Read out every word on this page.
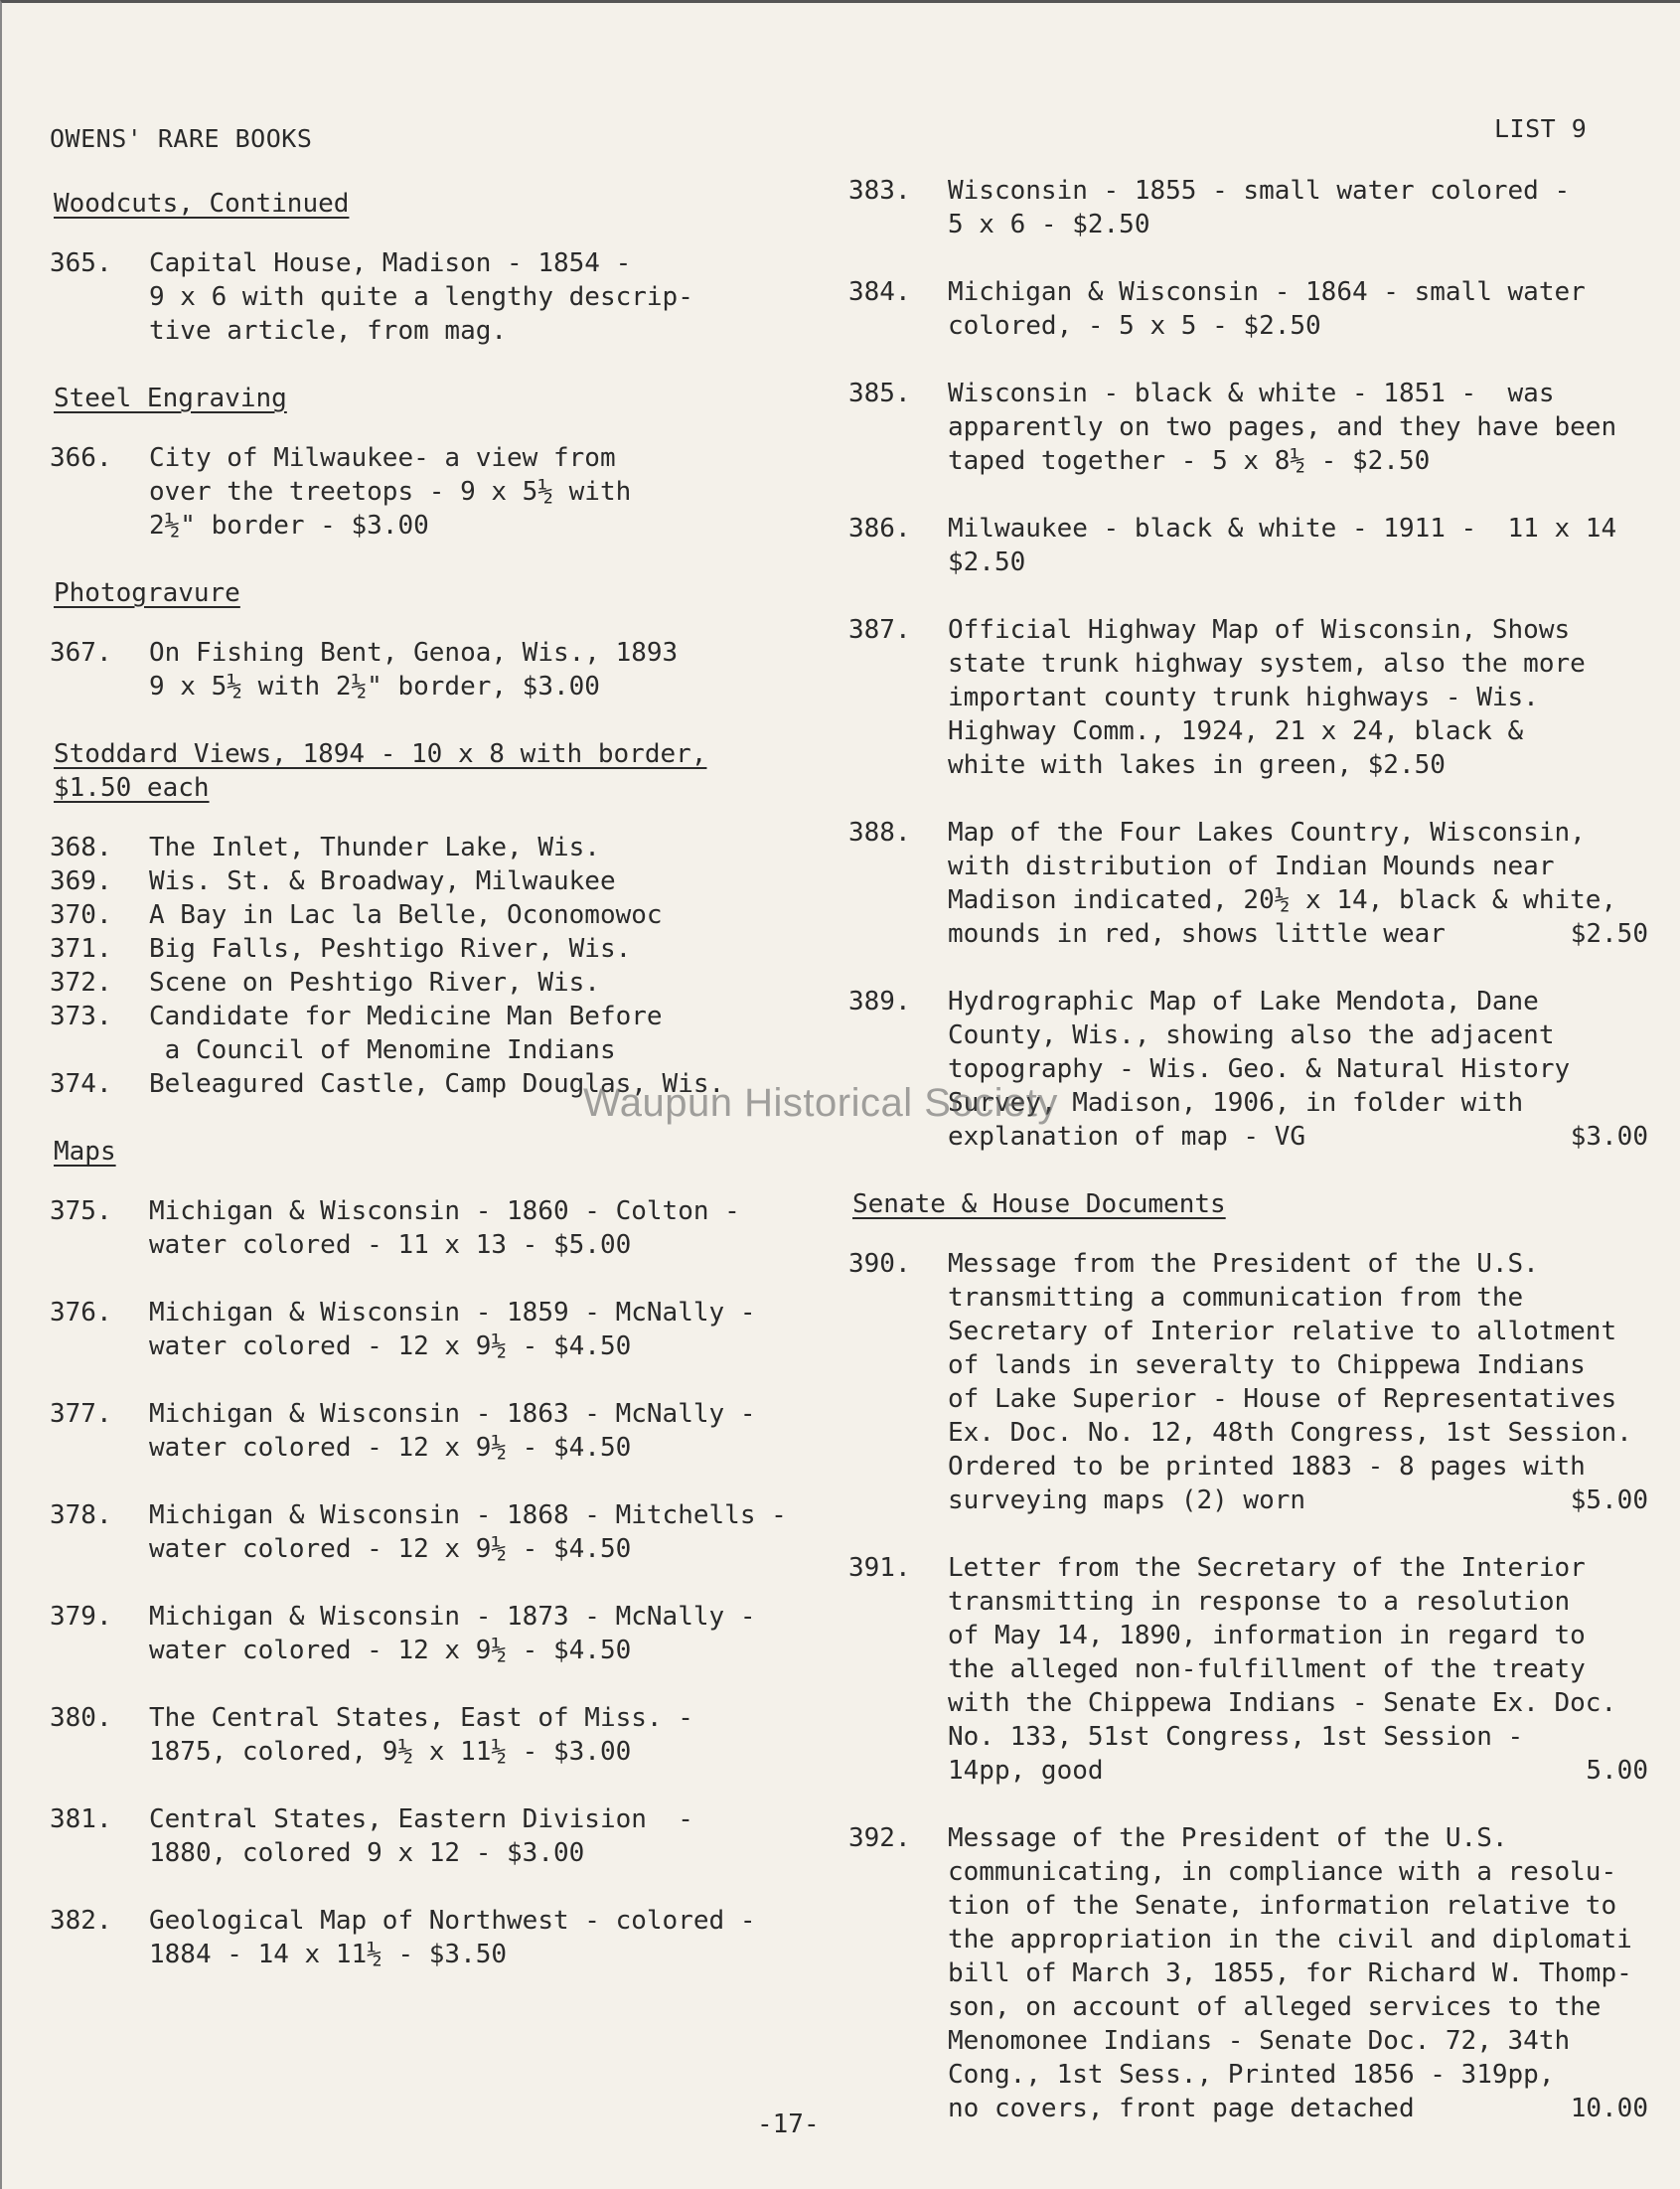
OWENS' RARE BOOKS	LIST 9
Woodcuts, Continued
365.	Capital House, Madison - 1854 -
9 x 6 with quite a lengthy descrip-
tive article, from mag.
Steel Engraving
366.	City of Milwaukee- a view from
over the treetops - 9 x 5½ with
2½" border - $3.00
Photogravure
367.	On Fishing Bent, Genoa, Wis., 1893
9 x 5½ with 2½" border, $3.00
Stoddard Views, 1894 - 10 x 8 with border,
$1.50 each
368.	The Inlet, Thunder Lake, Wis.
369.	Wis. St. & Broadway, Milwaukee
370.	A Bay in Lac la Belle, Oconomowoc
371.	Big Falls, Peshtigo River, Wis.
372.	Scene on Peshtigo River, Wis.
373.	Candidate for Medicine Man Before
a Council of Menomine Indians
374.	Beleagured Castle, Camp Douglas, Wis.
Maps
375.	Michigan & Wisconsin - 1860 - Colton -
water colored - 11 x 13 - $5.00
376.	Michigan & Wisconsin - 1859 - McNally -
water colored - 12 x 9½ - $4.50
377.	Michigan & Wisconsin - 1863 - McNally -
water colored - 12 x 9½ - $4.50
378.	Michigan & Wisconsin - 1868 - Mitchells -
water colored - 12 x 9½ - $4.50
379.	Michigan & Wisconsin - 1873 - McNally -
water colored - 12 x 9½ - $4.50
380.	The Central States, East of Miss. -
1875, colored, 9½ x 11½ - $3.00
381.	Central States, Eastern Division  -
1880, colored 9 x 12 - $3.00
382.	Geological Map of Northwest - colored -
1884 - 14 x 11½ - $3.50
383.	Wisconsin - 1855 - small water colored -
5 x 6 - $2.50
384.	Michigan & Wisconsin - 1864 - small water
colored, - 5 x 5 - $2.50
385.	Wisconsin - black & white - 1851 -  was
apparently on two pages, and they have been
taped together - 5 x 8½ - $2.50
386.	Milwaukee - black & white - 1911 -  11 x 14
$2.50
387.	Official Highway Map of Wisconsin, Shows
state trunk highway system, also the more
important county trunk highways - Wis.
Highway Comm., 1924, 21 x 24, black &
white with lakes in green, $2.50
388.	Map of the Four Lakes Country, Wisconsin,
with distribution of Indian Mounds near
Madison indicated, 20½ x 14, black & white,
mounds in red, shows little wear	$2.50
389.	Hydrographic Map of Lake Mendota, Dane
County, Wis., showing also the adjacent
topography - Wis. Geo. & Natural History
Survey, Madison, 1906, in folder with
explanation of map - VG	$3.00
Senate & House Documents
390.	Message from the President of the U.S.
transmitting a communication from the
Secretary of Interior relative to allotment
of lands in severalty to Chippewa Indians
of Lake Superior - House of Representatives
Ex. Doc. No. 12, 48th Congress, 1st Session.
Ordered to be printed 1883 - 8 pages with
surveying maps (2) worn	$5.00
391.	Letter from the Secretary of the Interior
transmitting in response to a resolution
of May 14, 1890, information in regard to
the alleged non-fulfillment of the treaty
with the Chippewa Indians - Senate Ex. Doc.
No. 133, 51st Congress, 1st Session -
14pp, good	5.00
392.	Message of the President of the U.S.
communicating, in compliance with a resolu-
tion of the Senate, information relative to
the appropriation in the civil and diplomati
bill of March 3, 1855, for Richard W. Thomp-
son, on account of alleged services to the
Menomonee Indians - Senate Doc. 72, 34th
Cong., 1st Sess., Printed 1856 - 319pp,
no covers, front page detached	10.00
Waupun Historical Society
-17-
